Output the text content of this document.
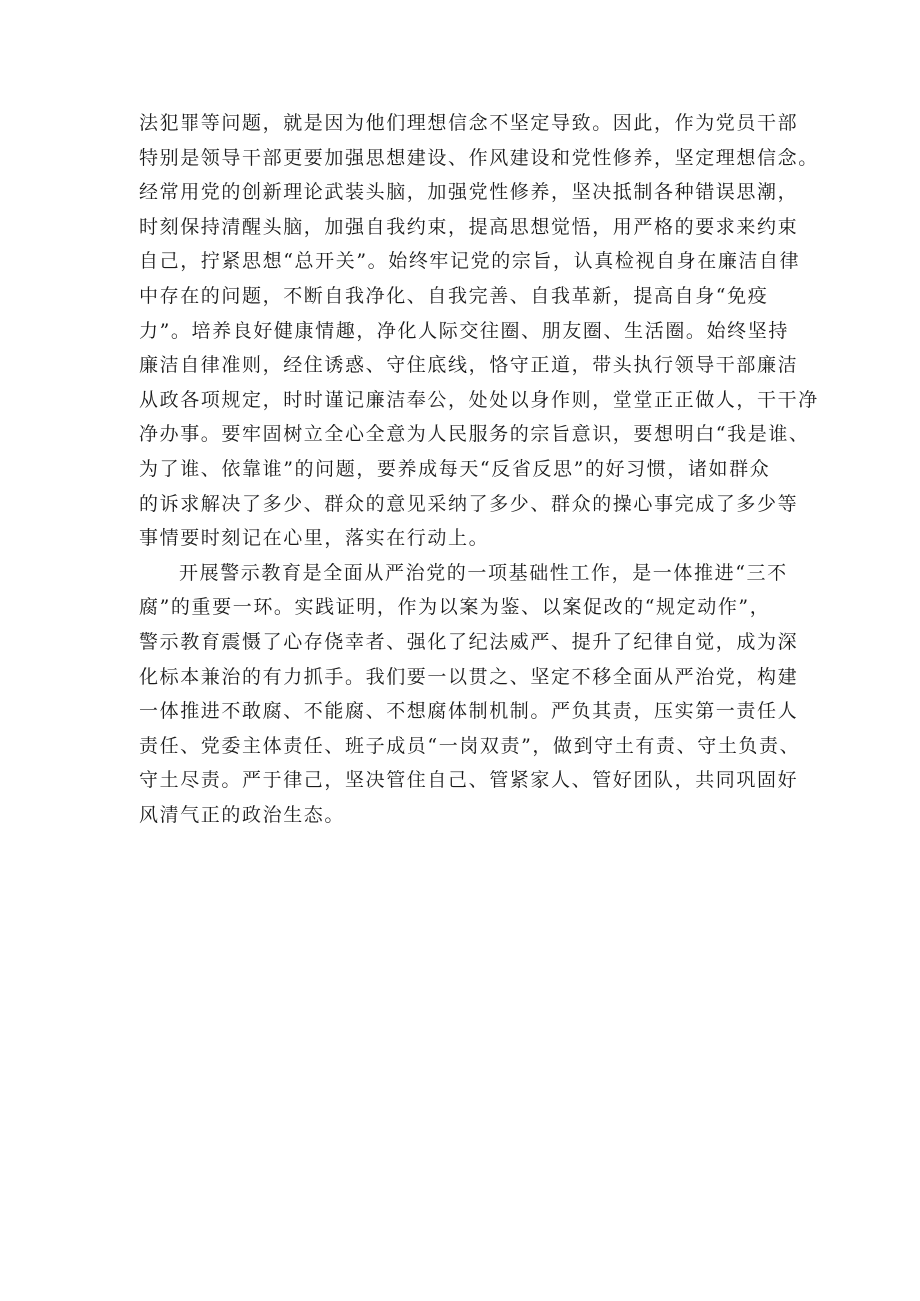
法犯罪等问题，就是因为他们理想信念不坚定导致。因此，作为党员干部
特别是领导干部更要加强思想建设、作风建设和党性修养，坚定理想信念。
经常用党的创新理论武装头脑，加强党性修养，坚决抵制各种错误思潮，
时刻保持清醒头脑，加强自我约束，提高思想觉悟，用严格的要求来约束
自己，拧紧思想“总开关”。始终牢记党的宗旨，认真检视自身在廉洁自律
中存在的问题，不断自我净化、自我完善、自我革新，提高自身“免疫
力”。培养良好健康情趣，净化人际交往圈、朋友圈、生活圈。始终坚持
廉洁自律准则，经住诱惑、守住底线，恪守正道，带头执行领导干部廉洁
从政各项规定，时时谨记廉洁奉公，处处以身作则，堂堂正正做人，干干净
净办事。要牢固树立全心全意为人民服务的宗旨意识，要想明白“我是谁、
为了谁、依靠谁”的问题，要养成每天“反省反思”的好习惯，诸如群众
的诉求解决了多少、群众的意见采纳了多少、群众的操心事完成了多少等
事情要时刻记在心里，落实在行动上。
开展警示教育是全面从严治党的一项基础性工作，是一体推进“三不
腐”的重要一环。实践证明，作为以案为鉴、以案促改的“规定动作”，
警示教育震慑了心存侥幸者、强化了纪法威严、提升了纪律自觉，成为深
化标本兼治的有力抓手。我们要一以贯之、坚定不移全面从严治党，构建
一体推进不敢腐、不能腐、不想腐体制机制。严负其责，压实第一责任人
责任、党委主体责任、班子成员“一岗双责”，做到守土有责、守土负责、
守土尽责。严于律己，坚决管住自己、管紧家人、管好团队，共同巩固好
风清气正的政治生态。
